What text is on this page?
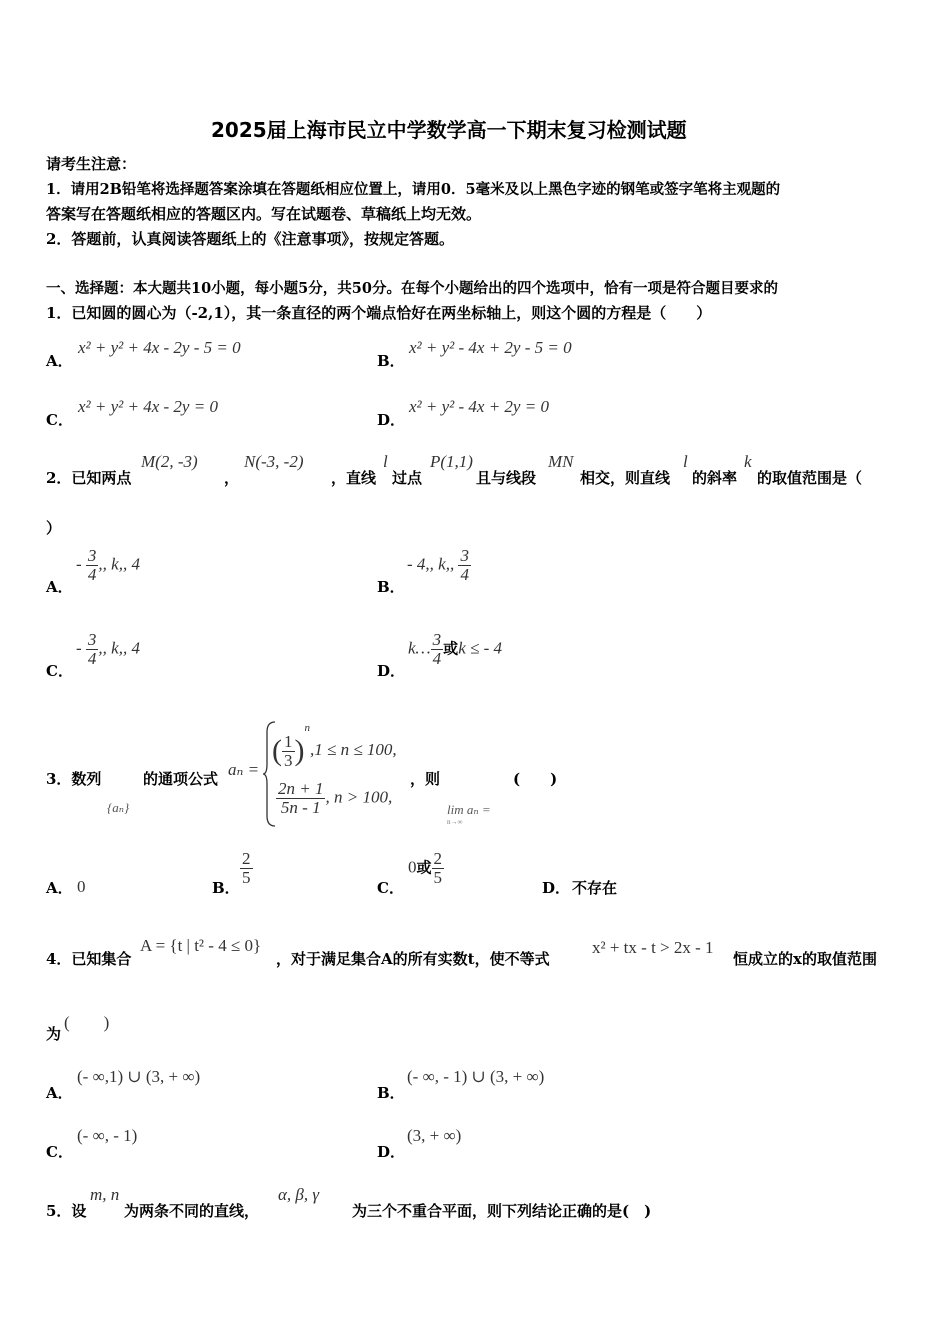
2025届上海市民立中学数学高一下期末复习检测试题
请考生注意：
1．请用2B铅笔将选择题答案涂填在答题纸相应位置上，请用0．5毫米及以上黑色字迹的钢笔或签字笔将主观题的
答案写在答题纸相应的答题区内。写在试题卷、草稿纸上均无效。
2．答题前，认真阅读答题纸上的《注意事项》，按规定答题。
一、选择题：本大题共10小题，每小题5分，共50分。在每个小题给出的四个选项中，恰有一项是符合题目要求的
1．已知圆的圆心为（-2,1），其一条直径的两个端点恰好在两坐标轴上，则这个圆的方程是（　　）
A．
x² + y² + 4x - 2y - 5 = 0
B．
x² + y² - 4x + 2y - 5 = 0
C．
x² + y² + 4x - 2y = 0
D．
x² + y² - 4x + 2y = 0
2．已知两点
M(2, -3)
，
N(-3, -2)
，直线
l
过点
P(1,1)
且与线段
MN
相交，则直线
l
的斜率
k
的取值范围是（
）
A．
- $\frac{3}{4}$ ,, k,, 4
B．
- 4,, k,, $\frac{3}{4}$
C．
- $\frac{3}{4}$ ,, k,, 4
D．
k… $\frac{3}{4}$ 或k ≤ - 4
3．数列
{aₙ}
的通项公式 aₙ =
( $\frac{1}{3} )^n,1 \le n \le 100$,
$\frac{2n + 1}{5n - 1}$ , n > 100,
，则	(　　)
lim aₙ =
n→∞
A． 0	B．
$\frac{2}{5}$
C．
0或 $\frac{2}{5}$
D． 不存在
4．已知集合
A = {t | t² - 4 ≤ 0}
，对于满足集合A的所有实数t，使不等式
x² + tx - t > 2x - 1
恒成立的x的取值范围
为
(　　)
A．
(- ∞,1) ∪ (3, + ∞)
B．
(- ∞, - 1) ∪ (3, + ∞)
C．
(- ∞, - 1)
D．
(3, + ∞)
5．设
m, n
为两条不同的直线，
α, β, γ
为三个不重合平面，则下列结论正确的是(　)
